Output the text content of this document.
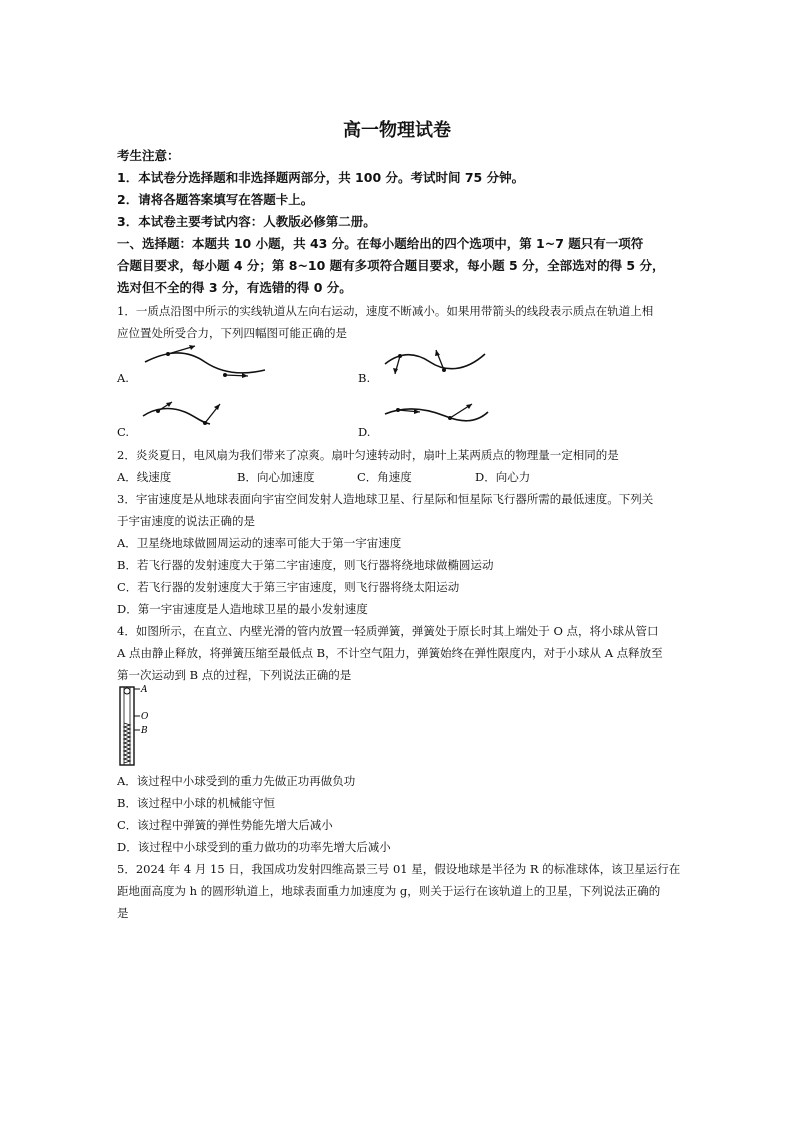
高一物理试卷
考生注意：
1．本试卷分选择题和非选择题两部分，共 100 分。考试时间 75 分钟。
2．请将各题答案填写在答题卡上。
3．本试卷主要考试内容：人教版必修第二册。
一、选择题：本题共 10 小题，共 43 分。在每小题给出的四个选项中，第 1~7 题只有一项符
合题目要求，每小题 4 分；第 8~10 题有多项符合题目要求，每小题 5 分，全部选对的得 5 分，
选对但不全的得 3 分，有选错的得 0 分。
1．一质点沿图中所示的实线轨道从左向右运动，速度不断减小。如果用带箭头的线段表示质点在轨道上相
应位置处所受合力，下列四幅图可能正确的是
A.	B.
C.	D.
2．炎炎夏日，电风扇为我们带来了凉爽。扇叶匀速转动时，扇叶上某两质点的物理量一定相同的是
A．线速度	B．向心加速度	C．角速度	D．向心力
3．宇宙速度是从地球表面向宇宙空间发射人造地球卫星、行星际和恒星际飞行器所需的最低速度。下列关
于宇宙速度的说法正确的是
A．卫星绕地球做圆周运动的速率可能大于第一宇宙速度
B．若飞行器的发射速度大于第二宇宙速度，则飞行器将绕地球做椭圆运动
C．若飞行器的发射速度大于第三宇宙速度，则飞行器将绕太阳运动
D．第一宇宙速度是人造地球卫星的最小发射速度
4．如图所示，在直立、内壁光滑的管内放置一轻质弹簧，弹簧处于原长时其上端处于 O 点，将小球从管口
A 点由静止释放，将弹簧压缩至最低点 B，不计空气阻力，弹簧始终在弹性限度内，对于小球从 A 点释放至
第一次运动到 B 点的过程，下列说法正确的是
A
O
B
A．该过程中小球受到的重力先做正功再做负功
B．该过程中小球的机械能守恒
C．该过程中弹簧的弹性势能先增大后减小
D．该过程中小球受到的重力做功的功率先增大后减小
5．2024 年 4 月 15 日，我国成功发射四维高景三号 01 星，假设地球是半径为 R 的标准球体，该卫星运行在
距地面高度为 h 的圆形轨道上，地球表面重力加速度为 g，则关于运行在该轨道上的卫星，下列说法正确的
是
